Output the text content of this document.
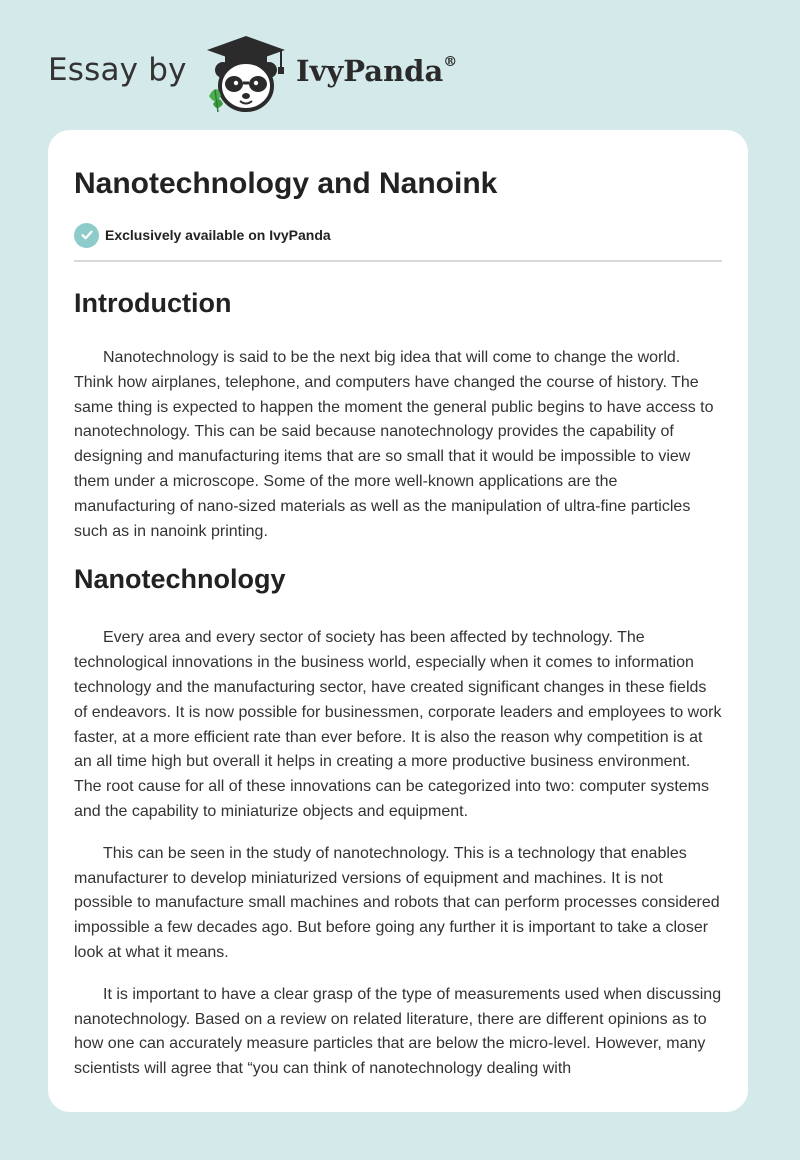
Essay by	IvyPanda®
Nanotechnology and Nanoink
Exclusively available on IvyPanda
Introduction

Nanotechnology is said to be the next big idea that will come to change the world. Think how airplanes, telephone, and computers have changed the course of history. The same thing is expected to happen the moment the general public begins to have access to nanotechnology. This can be said because nanotechnology provides the capability of designing and manufacturing items that are so small that it would be impossible to view them under a microscope. Some of the more well-known applications are the manufacturing of nano-sized materials as well as the manipulation of ultra-fine particles such as in nanoink printing.

Nanotechnology

Every area and every sector of society has been affected by technology. The technological innovations in the business world, especially when it comes to information technology and the manufacturing sector, have created significant changes in these fields of endeavors. It is now possible for businessmen, corporate leaders and employees to work faster, at a more efficient rate than ever before. It is also the reason why competition is at an all time high but overall it helps in creating a more productive business environment. The root cause for all of these innovations can be categorized into two: computer systems and the capability to miniaturize objects and equipment.

This can be seen in the study of nanotechnology. This is a technology that enables manufacturer to develop miniaturized versions of equipment and machines. It is not possible to manufacture small machines and robots that can perform processes considered impossible a few decades ago. But before going any further it is important to take a closer look at what it means.

It is important to have a clear grasp of the type of measurements used when discussing nanotechnology. Based on a review on related literature, there are different opinions as to how one can accurately measure particles that are below the micro-level. However, many scientists will agree that “you can think of nanotechnology dealing with
